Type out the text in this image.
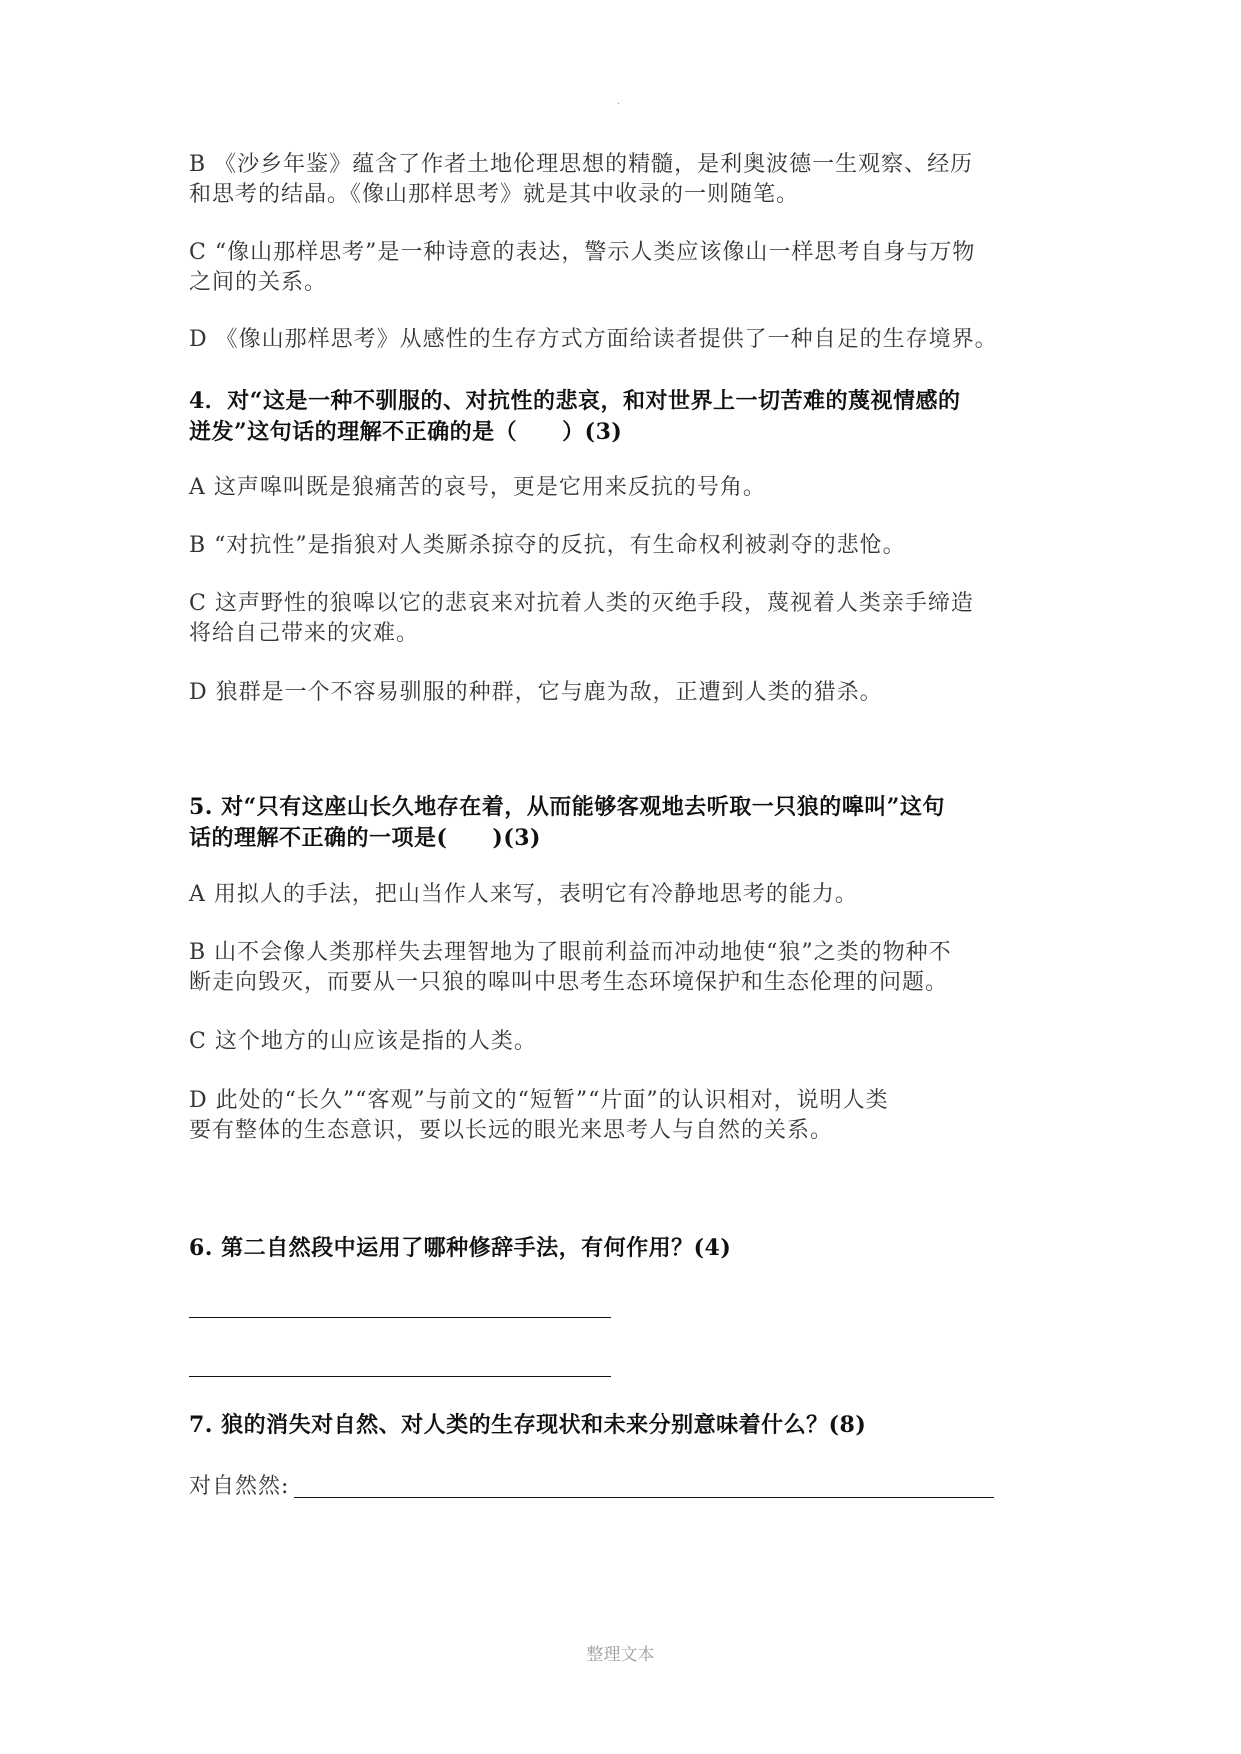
.
B 《沙乡年鉴》蕴含了作者土地伦理思想的精髓，是利奥波德一生观察、经历
和思考的结晶。《像山那样思考》就是其中收录的一则随笔。
C “像山那样思考”是一种诗意的表达，警示人类应该像山一样思考自身与万物
之间的关系。
D 《像山那样思考》从感性的生存方式方面给读者提供了一种自足的生存境界。
4．对“这是一种不驯服的、对抗性的悲哀，和对世界上一切苦难的蔑视情感的
迸发”这句话的理解不正确的是（　　）(3)
A 这声嗥叫既是狼痛苦的哀号，更是它用来反抗的号角。
B “对抗性”是指狼对人类厮杀掠夺的反抗，有生命权利被剥夺的悲怆。
C 这声野性的狼嗥以它的悲哀来对抗着人类的灭绝手段，蔑视着人类亲手缔造
将给自己带来的灾难。
D 狼群是一个不容易驯服的种群，它与鹿为敌，正遭到人类的猎杀。
5. 对“只有这座山长久地存在着，从而能够客观地去听取一只狼的嗥叫”这句
话的理解不正确的一项是(　　)(3)
A 用拟人的手法，把山当作人来写，表明它有冷静地思考的能力。
B 山不会像人类那样失去理智地为了眼前利益而冲动地使“狼”之类的物种不
断走向毁灭，而要从一只狼的嗥叫中思考生态环境保护和生态伦理的问题。
C 这个地方的山应该是指的人类。
D 此处的“长久”“客观”与前文的“短暂”“片面”的认识相对，说明人类
要有整体的生态意识，要以长远的眼光来思考人与自然的关系。
6. 第二自然段中运用了哪种修辞手法，有何作用？(4)
7. 狼的消失对自然、对人类的生存现状和未来分别意味着什么？(8)
对自然然:
整理文本
